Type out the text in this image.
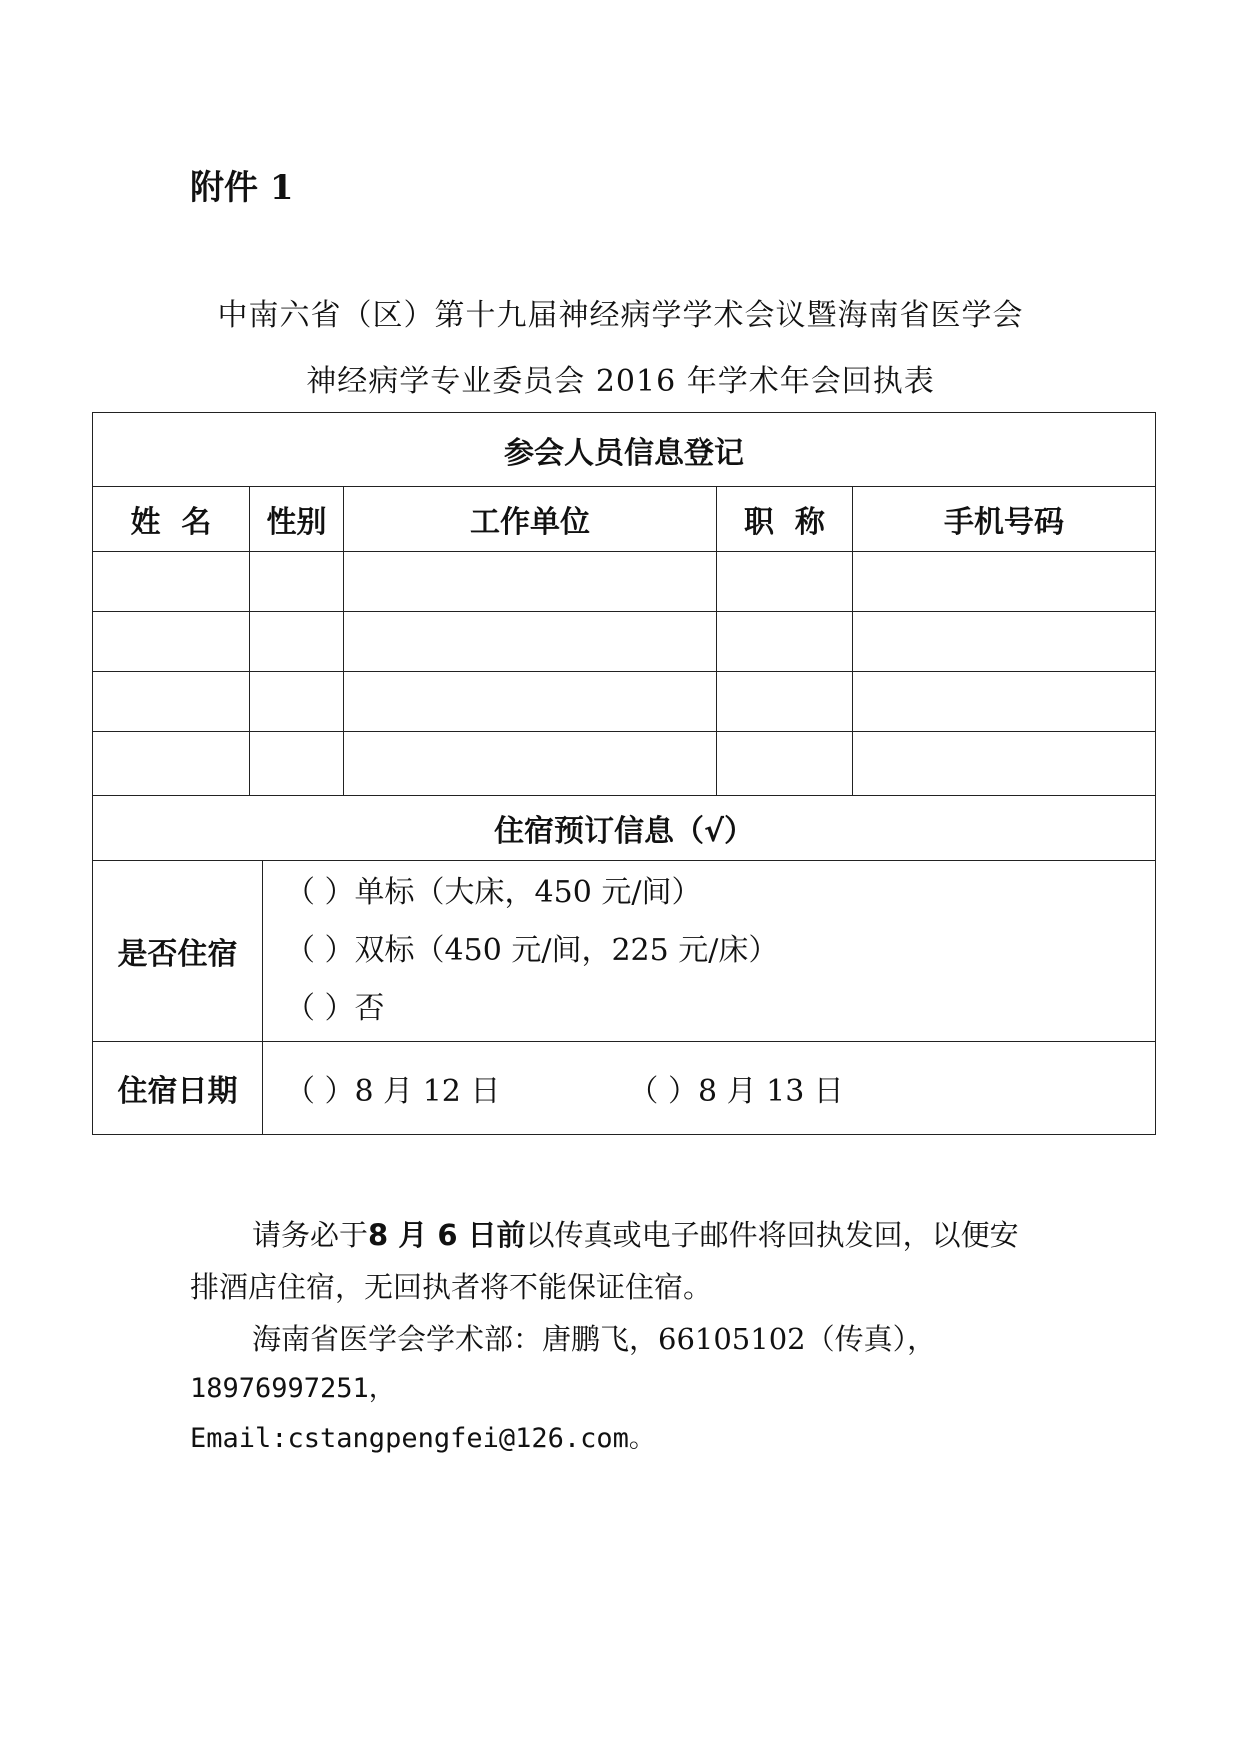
附件 1
中南六省（区）第十九届神经病学学术会议暨海南省医学会
神经病学专业委员会 2016 年学术年会回执表
参会人员信息登记					
姓  名	性别		工作单位	职  称	手机号码

住宿预订信息（√）					
是否住宿		（ ）单标（大床，450 元/间）
（ ）双标（450 元/间，225 元/床）
（ ）否			

住宿日期		（ ）8 月 12 日 （ ）8 月 13 日			

请务必于8 月 6 日前以传真或电子邮件将回执发回，以便安

排酒店住宿，无回执者将不能保证住宿。

海南省医学会学术部：唐鹏飞，66105102（传真），

18976997251，

Email:cstangpengfei@126.com。
